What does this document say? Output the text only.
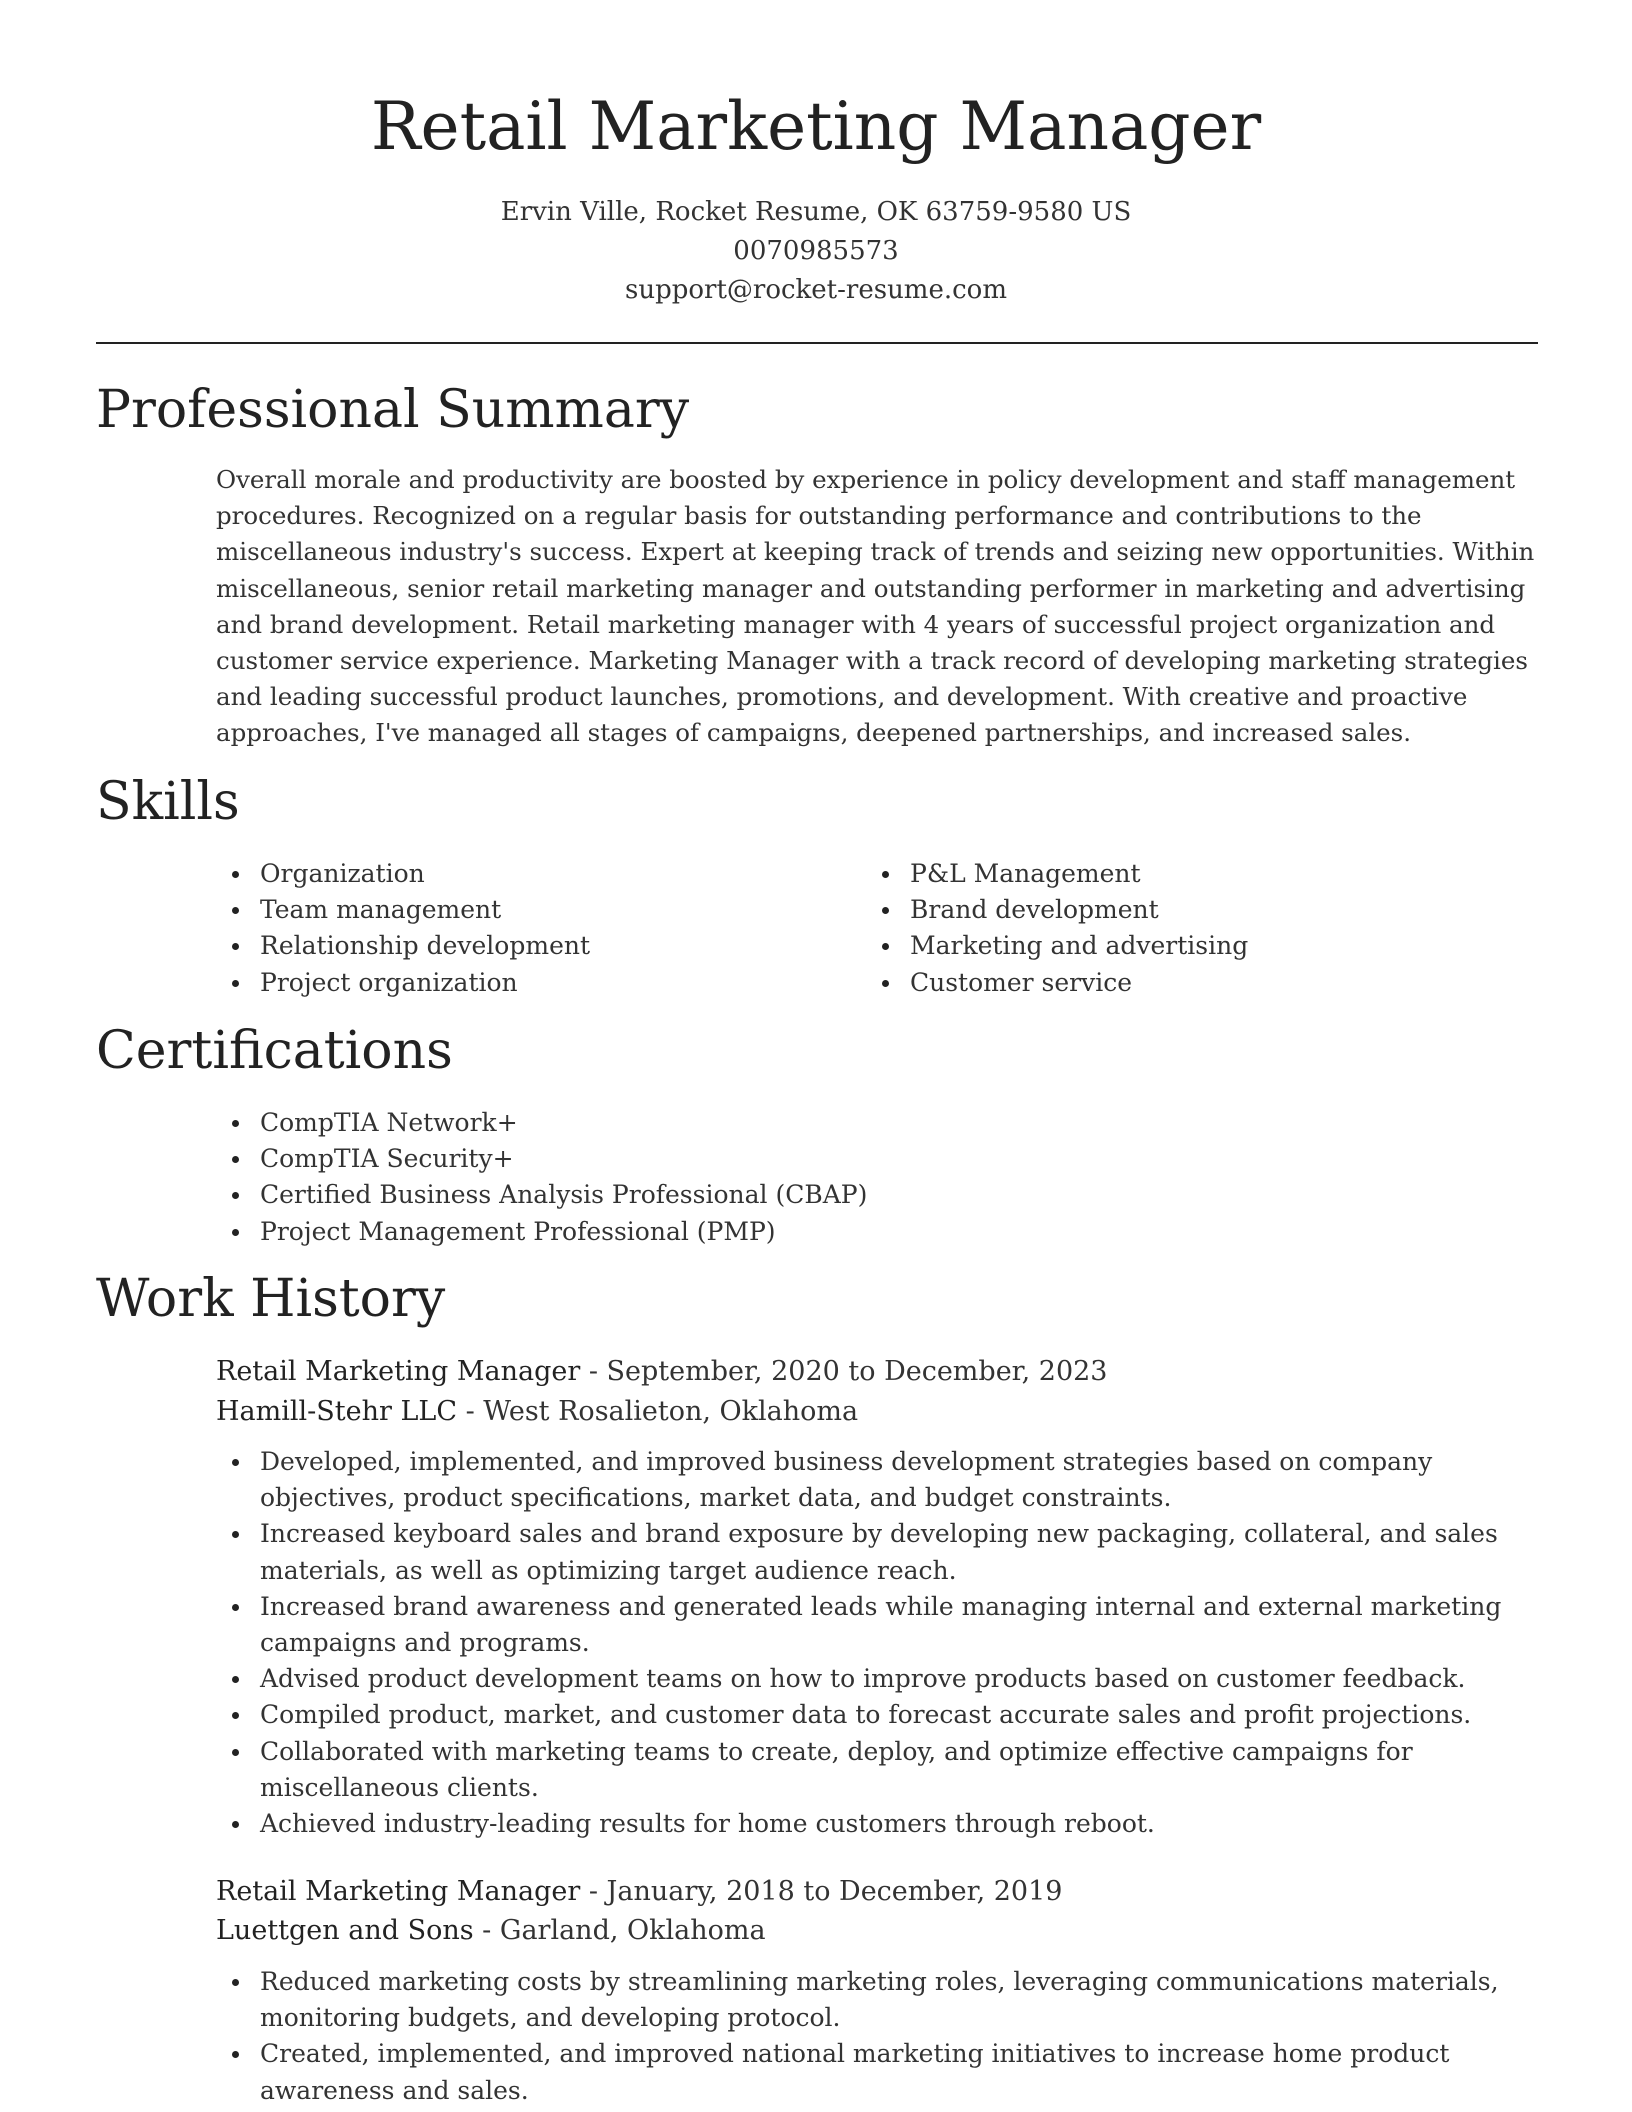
Retail Marketing Manager
Ervin Ville, Rocket Resume, OK 63759-9580 US
0070985573
support@rocket-resume.com
Professional Summary

Overall morale and productivity are boosted by experience in policy development and staff management procedures. Recognized on a regular basis for outstanding performance and contributions to the miscellaneous industry's success. Expert at keeping track of trends and seizing new opportunities. Within miscellaneous, senior retail marketing manager and outstanding performer in marketing and advertising and brand development. Retail marketing manager with 4 years of successful project organization and customer service experience. Marketing Manager with a track record of developing marketing strategies and leading successful product launches, promotions, and development. With creative and proactive approaches, I've managed all stages of campaigns, deepened partnerships, and increased sales.

Skills
Organization
Team management
Relationship development
Project organization
P&L Management
Brand development
Marketing and advertising
Customer service
Certifications
CompTIA Network+
CompTIA Security+
Certified Business Analysis Professional (CBAP)
Project Management Professional (PMP)
Work History
Retail Marketing Manager - September, 2020 to December, 2023
Hamill-Stehr LLC - West Rosalieton, Oklahoma
Developed, implemented, and improved business development strategies based on company objectives, product specifications, market data, and budget constraints.
Increased keyboard sales and brand exposure by developing new packaging, collateral, and sales materials, as well as optimizing target audience reach.
Increased brand awareness and generated leads while managing internal and external marketing campaigns and programs.
Advised product development teams on how to improve products based on customer feedback.
Compiled product, market, and customer data to forecast accurate sales and profit projections.
Collaborated with marketing teams to create, deploy, and optimize effective campaigns for miscellaneous clients.
Achieved industry-leading results for home customers through reboot.
Retail Marketing Manager - January, 2018 to December, 2019
Luettgen and Sons - Garland, Oklahoma
Reduced marketing costs by streamlining marketing roles, leveraging communications materials, monitoring budgets, and developing protocol.
Created, implemented, and improved national marketing initiatives to increase home product awareness and sales.
